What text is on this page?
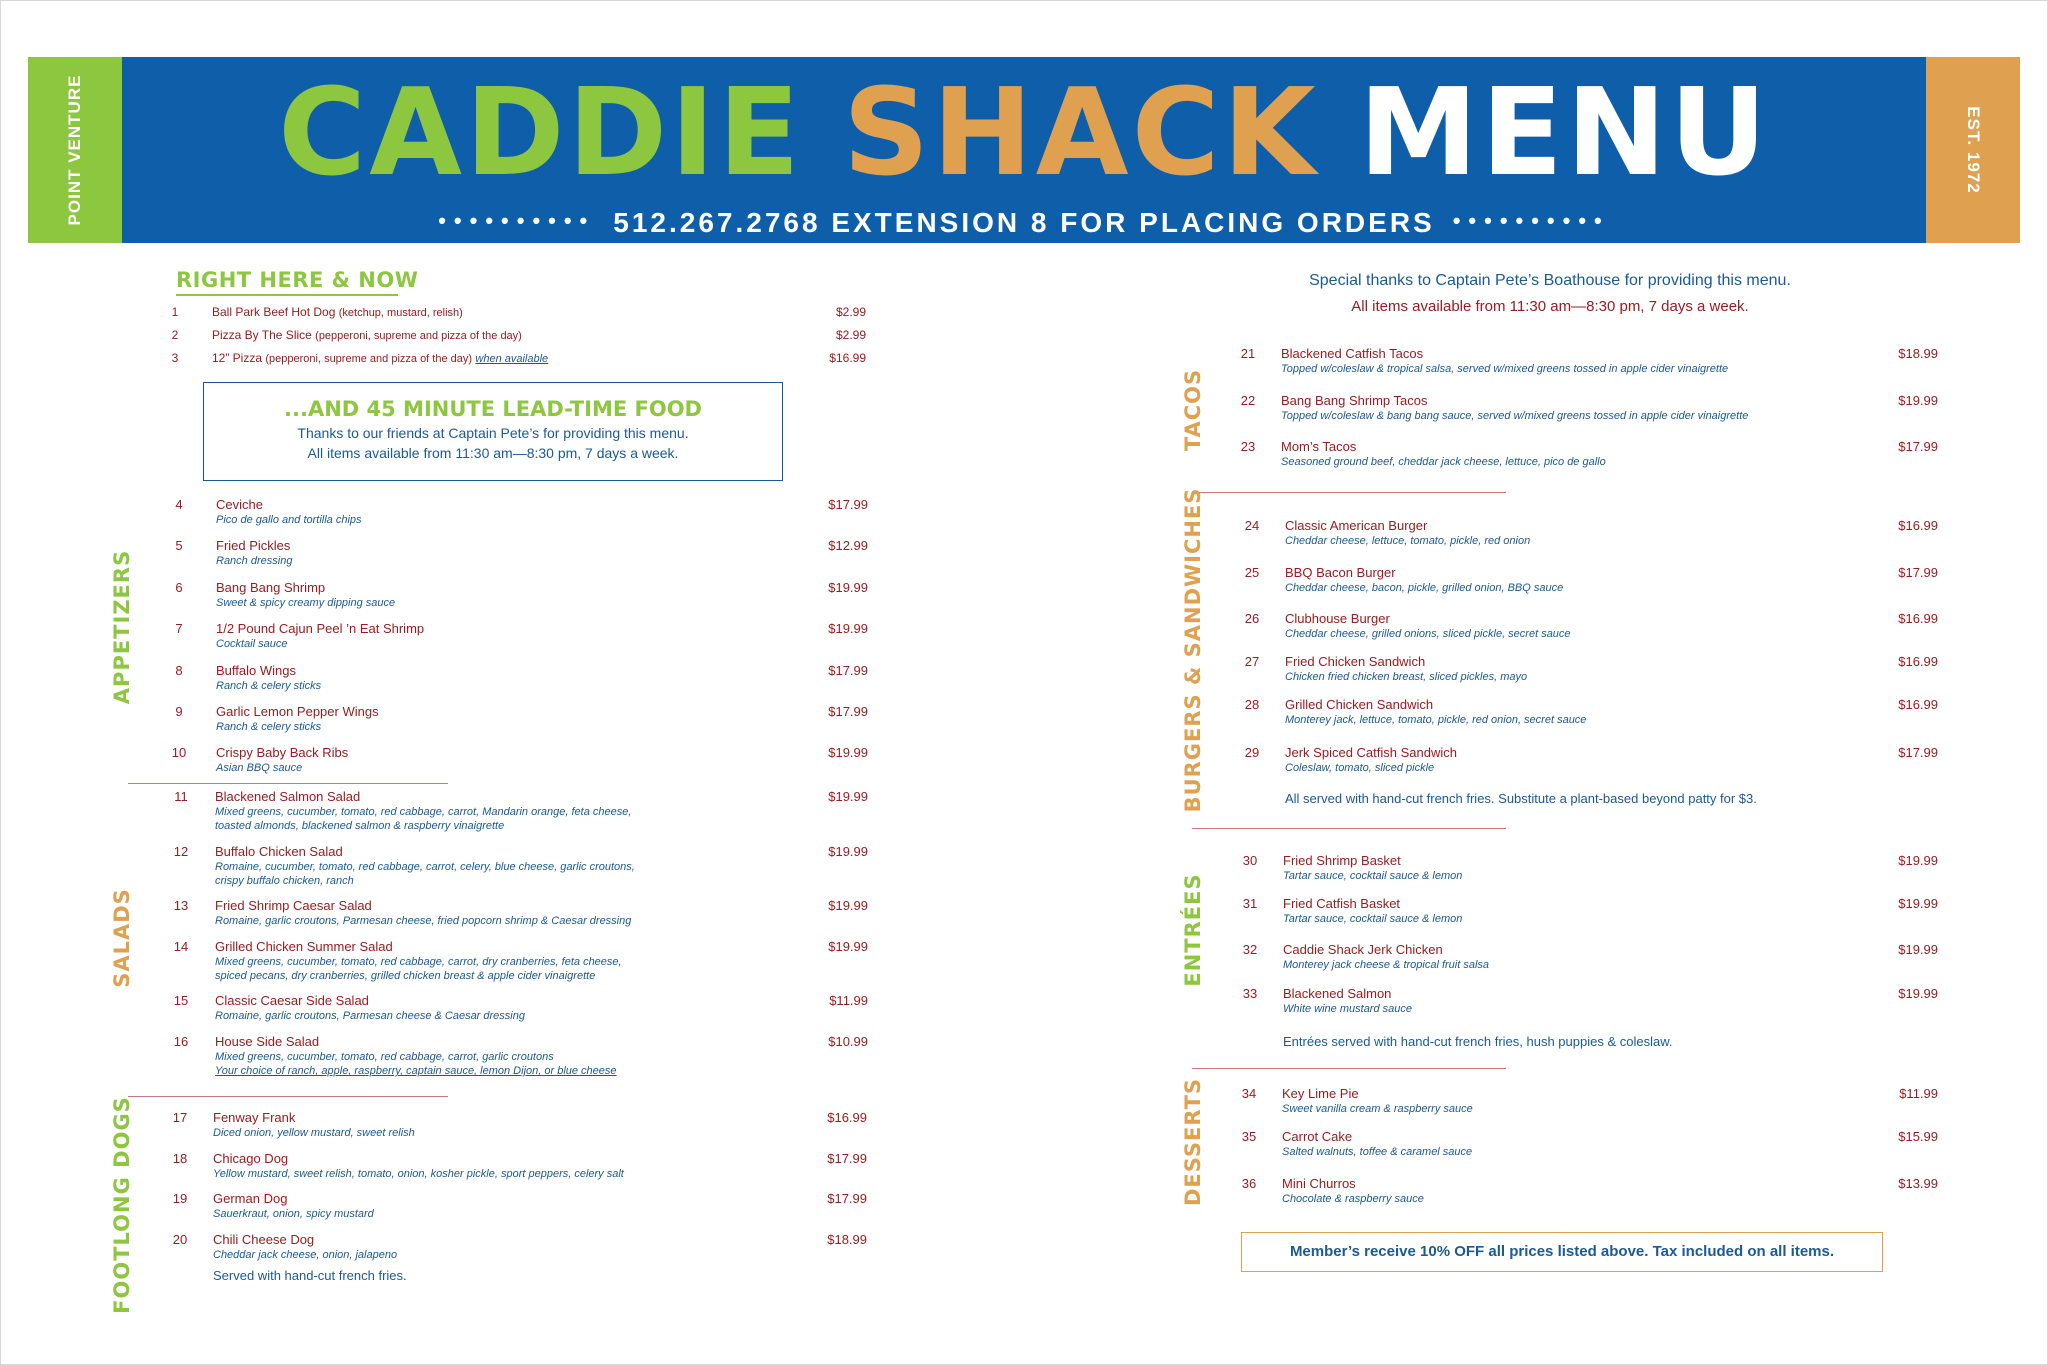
POINT VENTURE	CADDIE SHACK MENU
•••••••••• 512.267.2768 EXTENSION 8 FOR PLACING ORDERS ••••••••••
EST. 1972
RIGHT HERE & NOW
1	Ball Park Beef Hot Dog (ketchup, mustard, relish)	$2.99
2	Pizza By The Slice (pepperoni, supreme and pizza of the day)	$2.99
3	12” Pizza (pepperoni, supreme and pizza of the day) when available	$16.99
...AND 45 MINUTE LEAD-TIME FOOD
Thanks to our friends at Captain Pete’s for providing this menu.
All items available from 11:30 am—8:30 pm, 7 days a week.
APPETIZERS
4	Ceviche
Pico de gallo and tortilla chips
$17.99
5	Fried Pickles
Ranch dressing
$12.99
6	Bang Bang Shrimp
Sweet & spicy creamy dipping sauce
$19.99
7	1/2 Pound Cajun Peel ’n Eat Shrimp
Cocktail sauce
$19.99
8	Buffalo Wings
Ranch & celery sticks
$17.99
9	Garlic Lemon Pepper Wings
Ranch & celery sticks
$17.99
10	Crispy Baby Back Ribs
Asian BBQ sauce
$19.99
SALADS
11	Blackened Salmon Salad
Mixed greens, cucumber, tomato, red cabbage, carrot, Mandarin orange, feta cheese,
toasted almonds, blackened salmon & raspberry vinaigrette
$19.99
12	Buffalo Chicken Salad
Romaine, cucumber, tomato, red cabbage, carrot, celery, blue cheese, garlic croutons,
crispy buffalo chicken, ranch
$19.99
13	Fried Shrimp Caesar Salad
Romaine, garlic croutons, Parmesan cheese, fried popcorn shrimp & Caesar dressing
$19.99
14	Grilled Chicken Summer Salad
Mixed greens, cucumber, tomato, red cabbage, carrot, dry cranberries, feta cheese,
spiced pecans, dry cranberries, grilled chicken breast & apple cider vinaigrette
$19.99
15	Classic Caesar Side Salad
Romaine, garlic croutons, Parmesan cheese & Caesar dressing
$11.99
16	House Side Salad
Mixed greens, cucumber, tomato, red cabbage, carrot, garlic croutons
Your choice of ranch, apple, raspberry, captain sauce, lemon Dijon, or blue cheese
$10.99
FOOTLONG DOGS	17	Fenway Frank
Diced onion, yellow mustard, sweet relish
$16.99
18	Chicago Dog
Yellow mustard, sweet relish, tomato, onion, kosher pickle, sport peppers, celery salt
$17.99
19	German Dog
Sauerkraut, onion, spicy mustard
$17.99
20	Chili Cheese Dog
Cheddar jack cheese, onion, jalapeno
$18.99
Served with hand-cut french fries.
Special thanks to Captain Pete’s Boathouse for providing this menu.
All items available from 11:30 am—8:30 pm, 7 days a week.
TACOS
21	Blackened Catfish Tacos
Topped w/coleslaw & tropical salsa, served w/mixed greens tossed in apple cider vinaigrette
$18.99
22	Bang Bang Shrimp Tacos
Topped w/coleslaw & bang bang sauce, served w/mixed greens tossed in apple cider vinaigrette
$19.99
23	Mom’s Tacos
Seasoned ground beef, cheddar jack cheese, lettuce, pico de gallo
$17.99
BURGERS & SANDWICHES	24	Classic American Burger
Cheddar cheese, lettuce, tomato, pickle, red onion
$16.99
25	BBQ Bacon Burger
Cheddar cheese, bacon, pickle, grilled onion, BBQ sauce
$17.99
26	Clubhouse Burger
Cheddar cheese, grilled onions, sliced pickle, secret sauce
$16.99
27	Fried Chicken Sandwich
Chicken fried chicken breast, sliced pickles, mayo
$16.99
28	Grilled Chicken Sandwich
Monterey jack, lettuce, tomato, pickle, red onion, secret sauce
$16.99
29	Jerk Spiced Catfish Sandwich
Coleslaw, tomato, sliced pickle
$17.99
All served with hand-cut french fries. Substitute a plant-based beyond patty for $3.
ENTRÉES
30	Fried Shrimp Basket
Tartar sauce, cocktail sauce & lemon
$19.99
31	Fried Catfish Basket
Tartar sauce, cocktail sauce & lemon
$19.99
32	Caddie Shack Jerk Chicken
Monterey jack cheese & tropical fruit salsa
$19.99
33	Blackened Salmon
White wine mustard sauce
$19.99
Entrées served with hand-cut french fries, hush puppies & coleslaw.
DESSERTS	34	Key Lime Pie
Sweet vanilla cream & raspberry sauce
$11.99
35	Carrot Cake
Salted walnuts, toffee & caramel sauce
$15.99
36	Mini Churros
Chocolate & raspberry sauce
$13.99
Member’s receive 10% OFF all prices listed above. Tax included on all items.
